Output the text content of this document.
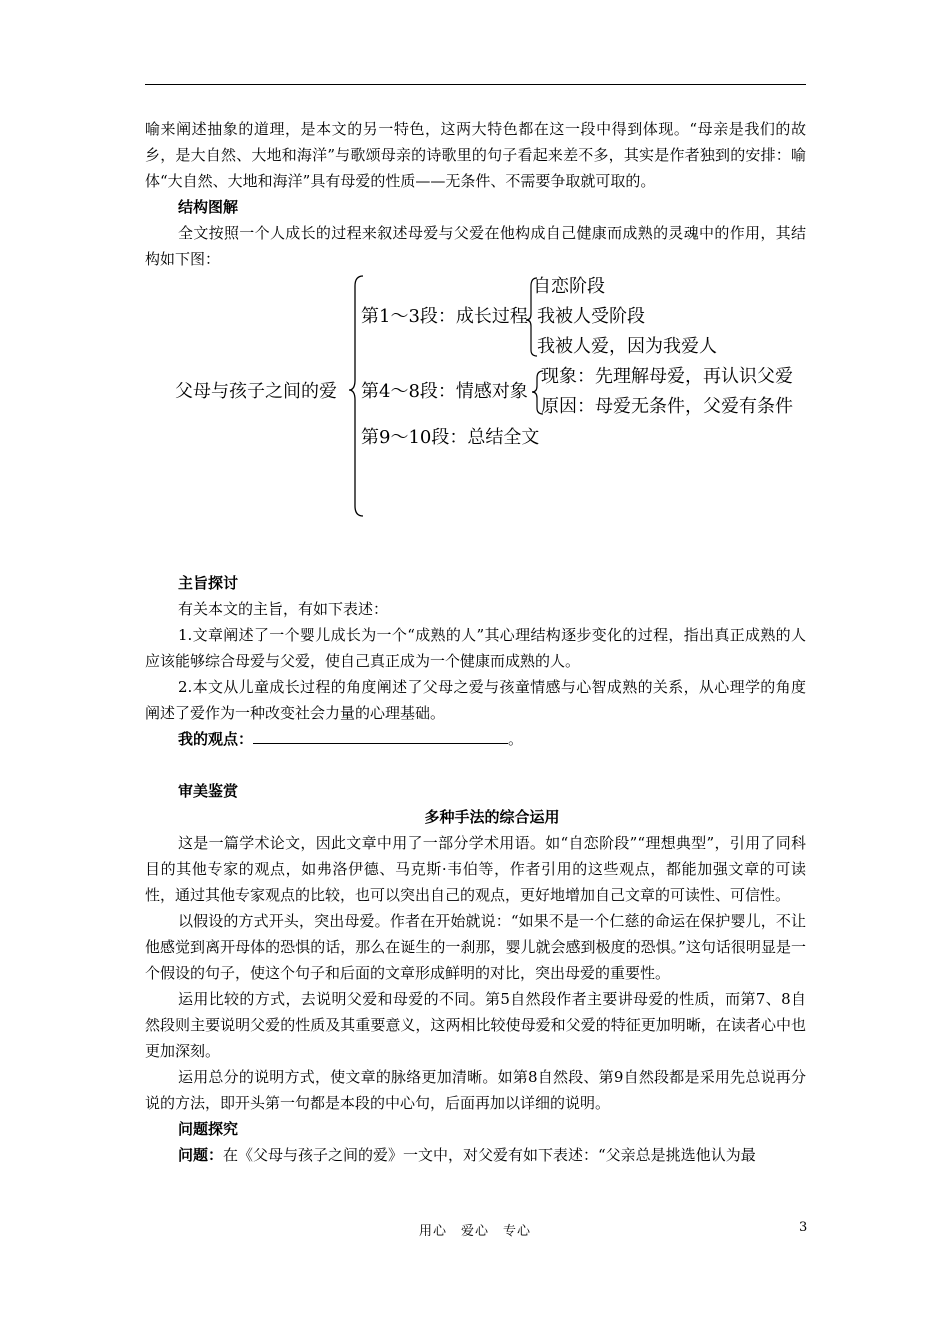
喻来阐述抽象的道理，是本文的另一特色，这两大特色都在这一段中得到体现。“母亲是我们的故乡，是大自然、大地和海洋”与歌颂母亲的诗歌里的句子看起来差不多，其实是作者独到的安排：喻体“大自然、大地和海洋”具有母爱的性质——无条件、不需要争取就可取的。

结构图解

全文按照一个人成长的过程来叙述母爱与父爱在他构成自己健康而成熟的灵魂中的作用，其结构如下图：

父母与孩子之间的爱
第1～3段：成长过程
自恋阶段
我被人受阶段
我被人爱，因为我爱人
第4～8段：情感对象
现象：先理解母爱，再认识父爱
原因：母爱无条件，父爱有条件
第9～10段：总结全文

主旨探讨

有关本文的主旨，有如下表述：

1.文章阐述了一个婴儿成长为一个“成熟的人”其心理结构逐步变化的过程，指出真正成熟的人应该能够综合母爱与父爱，使自己真正成为一个健康而成熟的人。

2.本文从儿童成长过程的角度阐述了父母之爱与孩童情感与心智成熟的关系，从心理学的角度阐述了爱作为一种改变社会力量的心理基础。

我的观点：	。

审美鉴赏

多种手法的综合运用

这是一篇学术论文，因此文章中用了一部分学术用语。如“自恋阶段”“理想典型”，引用了同科目的其他专家的观点，如弗洛伊德、马克斯·韦伯等，作者引用的这些观点，都能加强文章的可读性，通过其他专家观点的比较，也可以突出自己的观点，更好地增加自己文章的可读性、可信性。

以假设的方式开头，突出母爱。作者在开始就说：“如果不是一个仁慈的命运在保护婴儿，不让他感觉到离开母体的恐惧的话，那么在诞生的一刹那，婴儿就会感到极度的恐惧。”这句话很明显是一个假设的句子，使这个句子和后面的文章形成鲜明的对比，突出母爱的重要性。

运用比较的方式，去说明父爱和母爱的不同。第5自然段作者主要讲母爱的性质，而第7、8自然段则主要说明父爱的性质及其重要意义，这两相比较使母爱和父爱的特征更加明晰，在读者心中也更加深刻。

运用总分的说明方式，使文章的脉络更加清晰。如第8自然段、第9自然段都是采用先总说再分说的方法，即开头第一句都是本段的中心句，后面再加以详细的说明。

问题探究

问题：在《父母与孩子之间的爱》一文中，对父爱有如下表述：“父亲总是挑选他认为最

用心　爱心　专心	3
